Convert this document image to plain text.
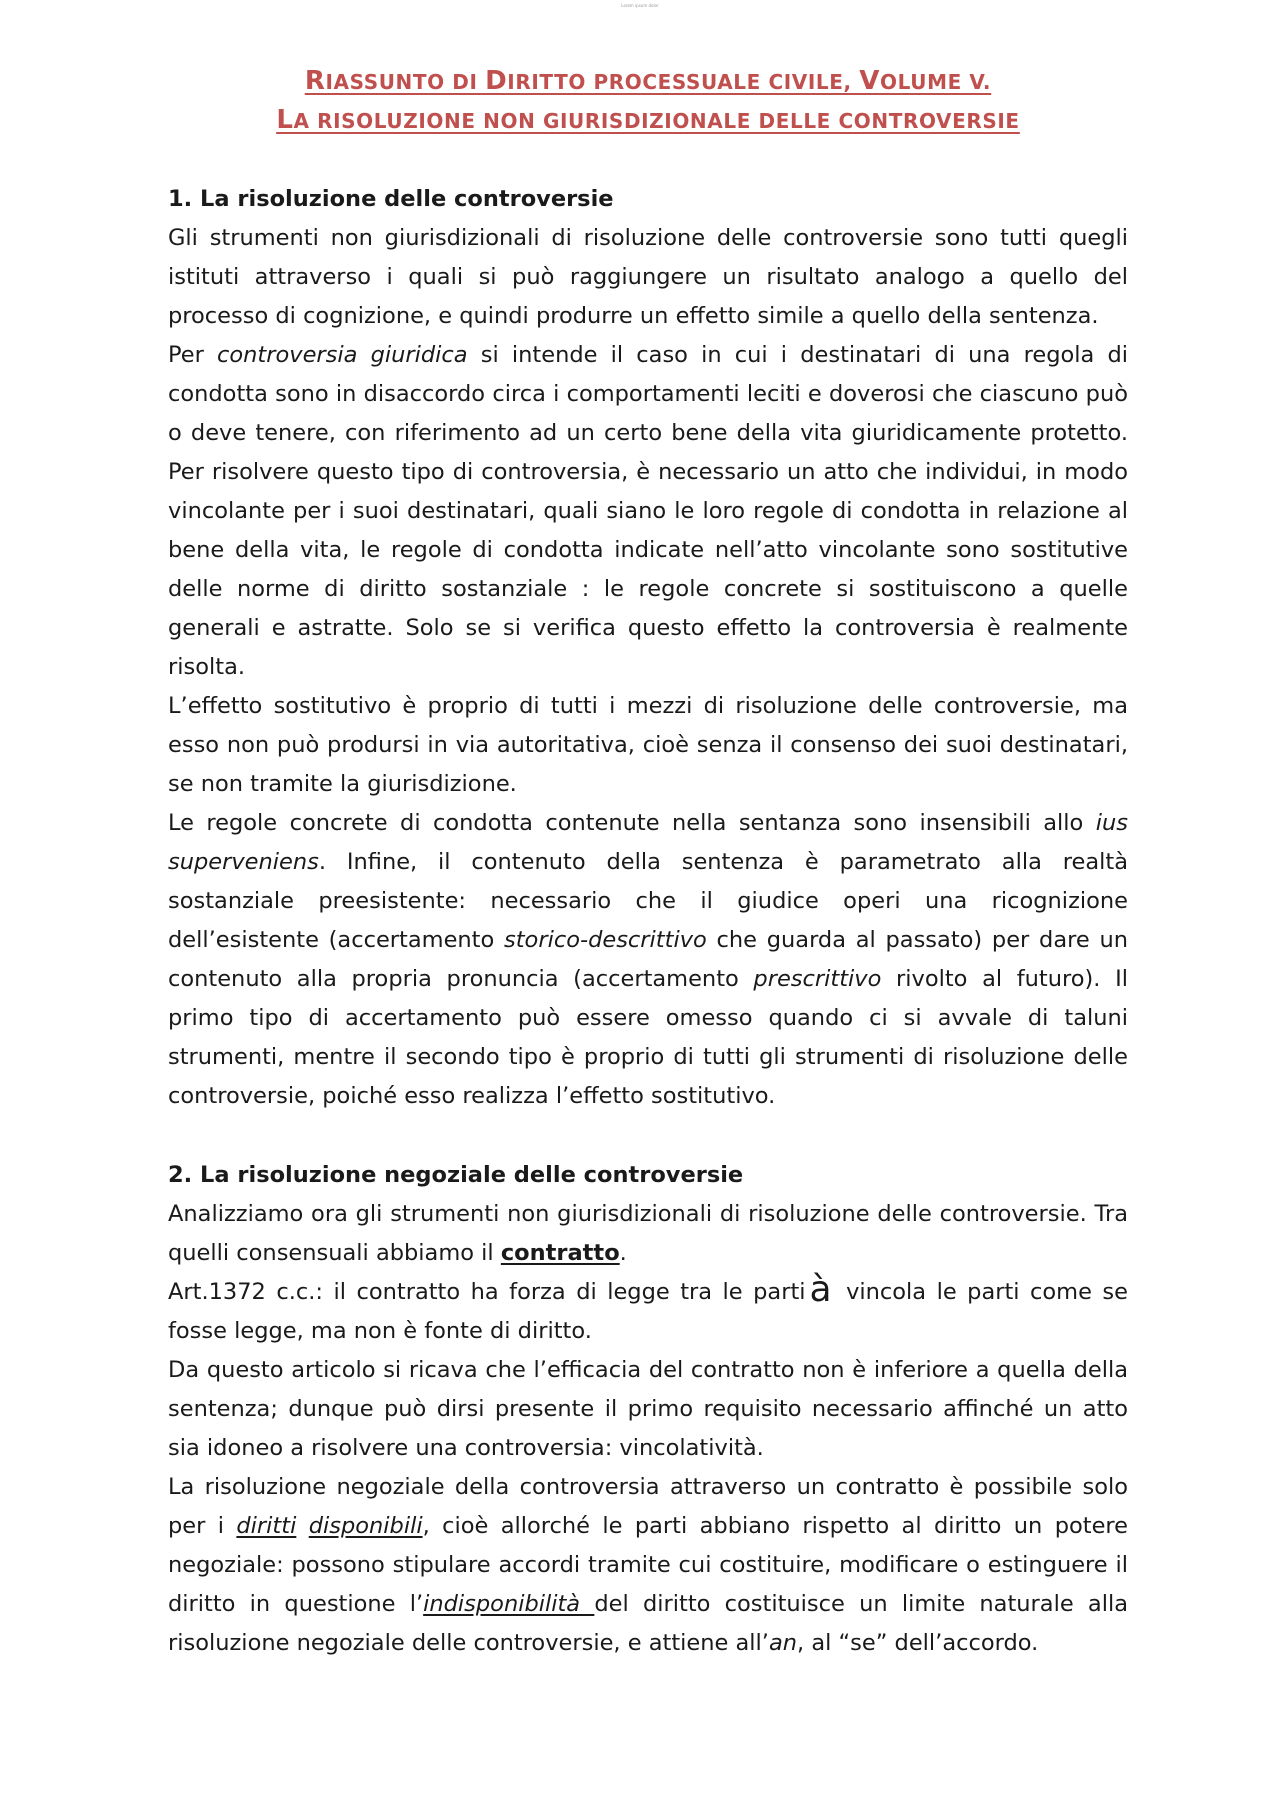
Lorem ipsum dolor
RIASSUNTO DI DIRITTO PROCESSUALE CIVILE, VOLUME V.
LA RISOLUZIONE NON GIURISDIZIONALE DELLE CONTROVERSIE
1. La risoluzione delle controversie

Gli strumenti non giurisdizionali di risoluzione delle controversie sono tutti quegli istituti attraverso i quali si può raggiungere un risultato analogo a quello del processo di cognizione, e quindi produrre un effetto simile a quello della sentenza.

Per controversia giuridica si intende il caso in cui i destinatari di una regola di condotta sono in disaccordo circa i comportamenti leciti e doverosi che ciascuno può o deve tenere, con riferimento ad un certo bene della vita giuridicamente protetto. Per risolvere questo tipo di controversia, è necessario un atto che individui, in modo vincolante per i suoi destinatari, quali siano le loro regole di condotta in relazione al bene della vita, le regole di condotta indicate nell’atto vincolante sono sostitutive delle norme di diritto sostanziale : le regole concrete si sostituiscono a quelle generali e astratte. Solo se si verifica questo effetto la controversia è realmente risolta.

L’effetto sostitutivo è proprio di tutti i mezzi di risoluzione delle controversie, ma esso non può prodursi in via autoritativa, cioè senza il consenso dei suoi destinatari, se non tramite la giurisdizione.

Le regole concrete di condotta contenute nella sentanza sono insensibili allo ius superveniens. Infine, il contenuto della sentenza è parametrato alla realtà sostanziale preesistente: necessario che il giudice operi una ricognizione dell’esistente (accertamento storico-descrittivo che guarda al passato) per dare un contenuto alla propria pronuncia (accertamento prescrittivo rivolto al futuro). Il primo tipo di accertamento può essere omesso quando ci si avvale di taluni strumenti, mentre il secondo tipo è proprio di tutti gli strumenti di risoluzione delle controversie, poiché esso realizza l’effetto sostitutivo.

2. La risoluzione negoziale delle controversie

Analizziamo ora gli strumenti non giurisdizionali di risoluzione delle controversie. Tra quelli consensuali abbiamo il contratto.

Art.1372 c.c.: il contratto ha forza di legge tra le parti à vincola le parti come se fosse legge, ma non è fonte di diritto.

Da questo articolo si ricava che l’efficacia del contratto non è inferiore a quella della sentenza; dunque può dirsi presente il primo requisito necessario affinché un atto sia idoneo a risolvere una controversia: vincolatività.

La risoluzione negoziale della controversia attraverso un contratto è possibile solo per i diritti disponibili, cioè allorché le parti abbiano rispetto al diritto un potere negoziale: possono stipulare accordi tramite cui costituire, modificare o estinguere il diritto in questione l’indisponibilità del diritto costituisce un limite naturale alla risoluzione negoziale delle controversie, e attiene all’an, al “se” dell’accordo.
